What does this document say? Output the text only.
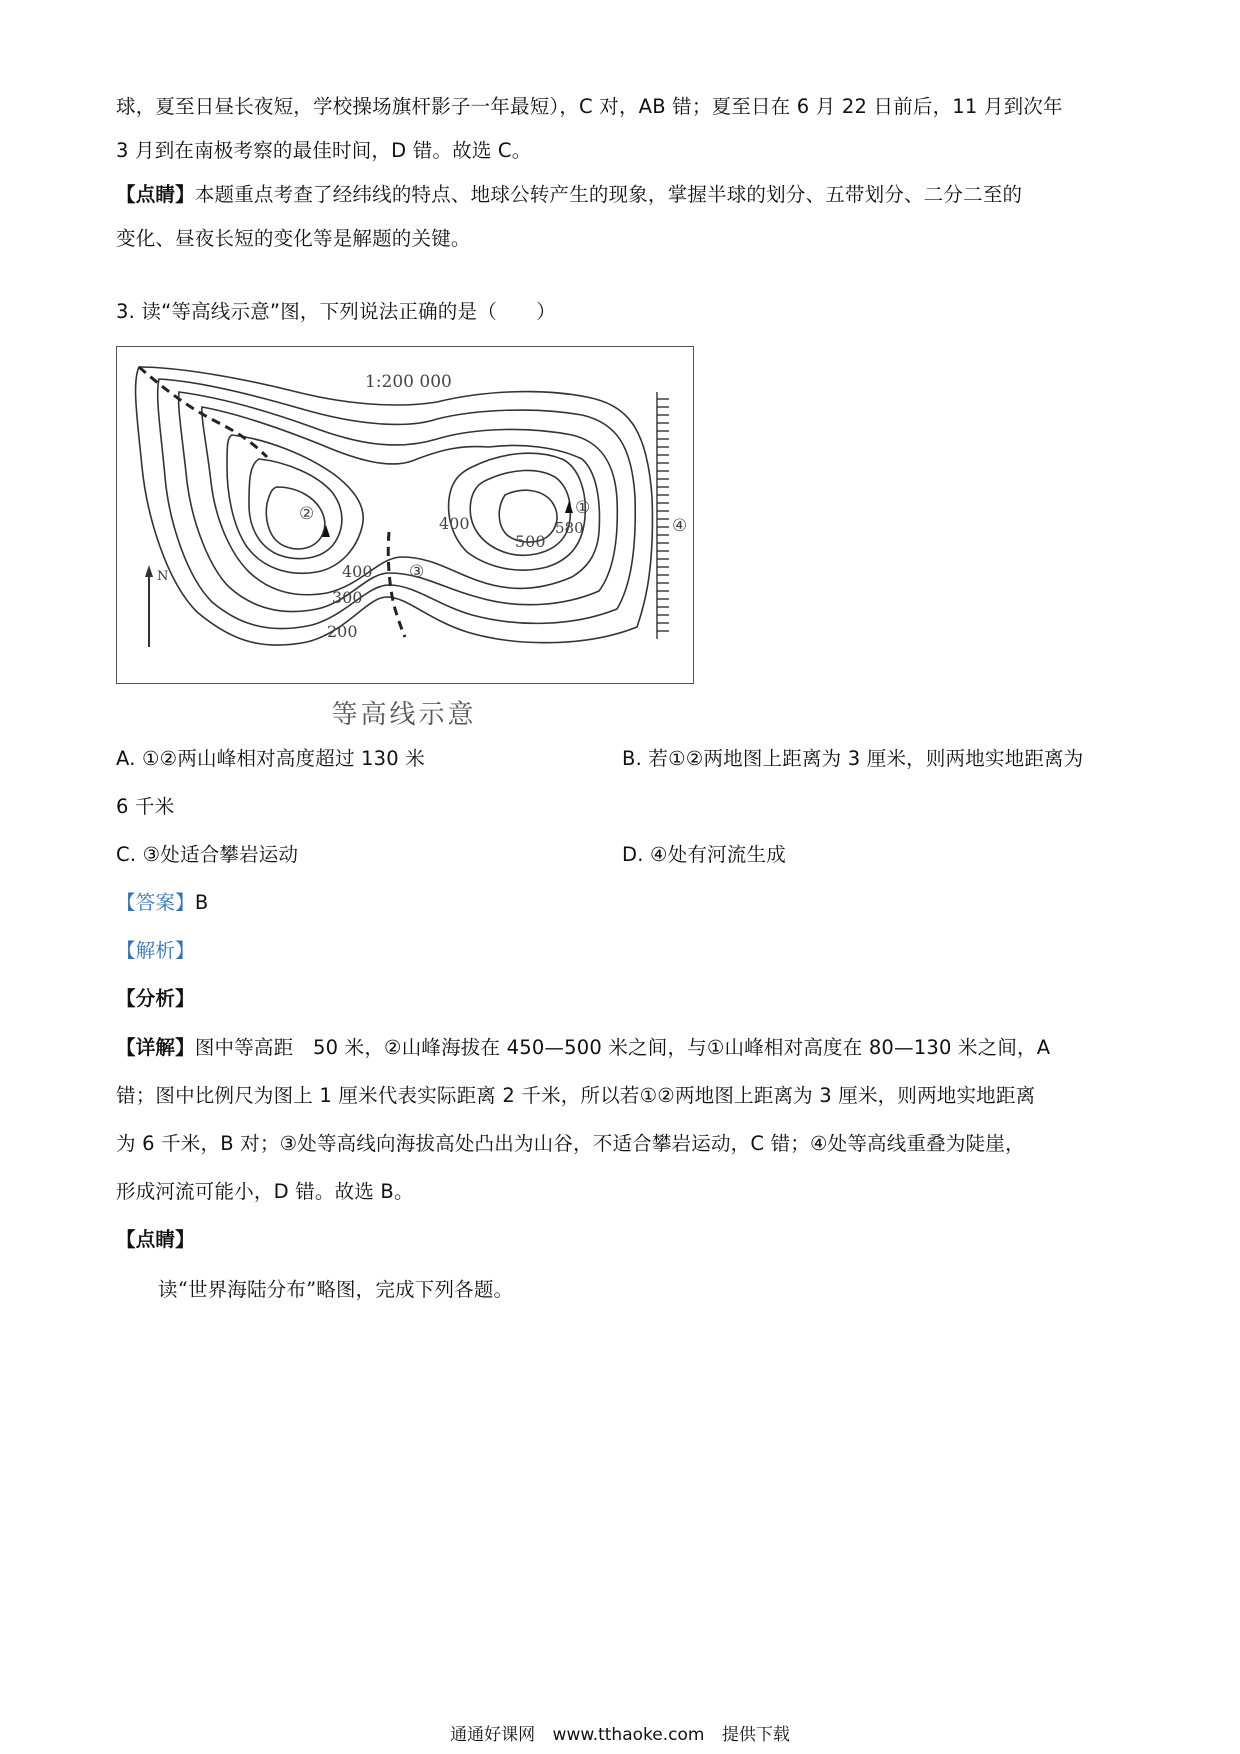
球，夏至日昼长夜短，学校操场旗杆影子一年最短），C 对，AB 错；夏至日在 6 月 22 日前后，11 月到次年
3 月到在南极考察的最佳时间，D 错。故选 C。
【点睛】本题重点考查了经纬线的特点、地球公转产生的现象，掌握半球的划分、五带划分、二分二至的
变化、昼夜长短的变化等是解题的关键。
3. 读“等高线示意”图，下列说法正确的是（　　）
N
1:200 000
400
400
500
580
300
200
②	①
③
④
等高线示意
A. ①②两山峰相对高度超过 130 米	B. 若①②两地图上距离为 3 厘米，则两地实地距离为
6 千米
C. ③处适合攀岩运动	D. ④处有河流生成
【答案】B
【解析】
【分析】
【详解】图中等高距　50 米，②山峰海拔在 450—500 米之间，与①山峰相对高度在 80—130 米之间，A
错；图中比例尺为图上 1 厘米代表实际距离 2 千米，所以若①②两地图上距离为 3 厘米，则两地实地距离
为 6 千米，B 对；③处等高线向海拔高处凸出为山谷，不适合攀岩运动，C 错；④处等高线重叠为陡崖，
形成河流可能小，D 错。故选 B。
【点睛】
读“世界海陆分布”略图，完成下列各题。
通通好课网 www.tthaoke.com 提供下载
